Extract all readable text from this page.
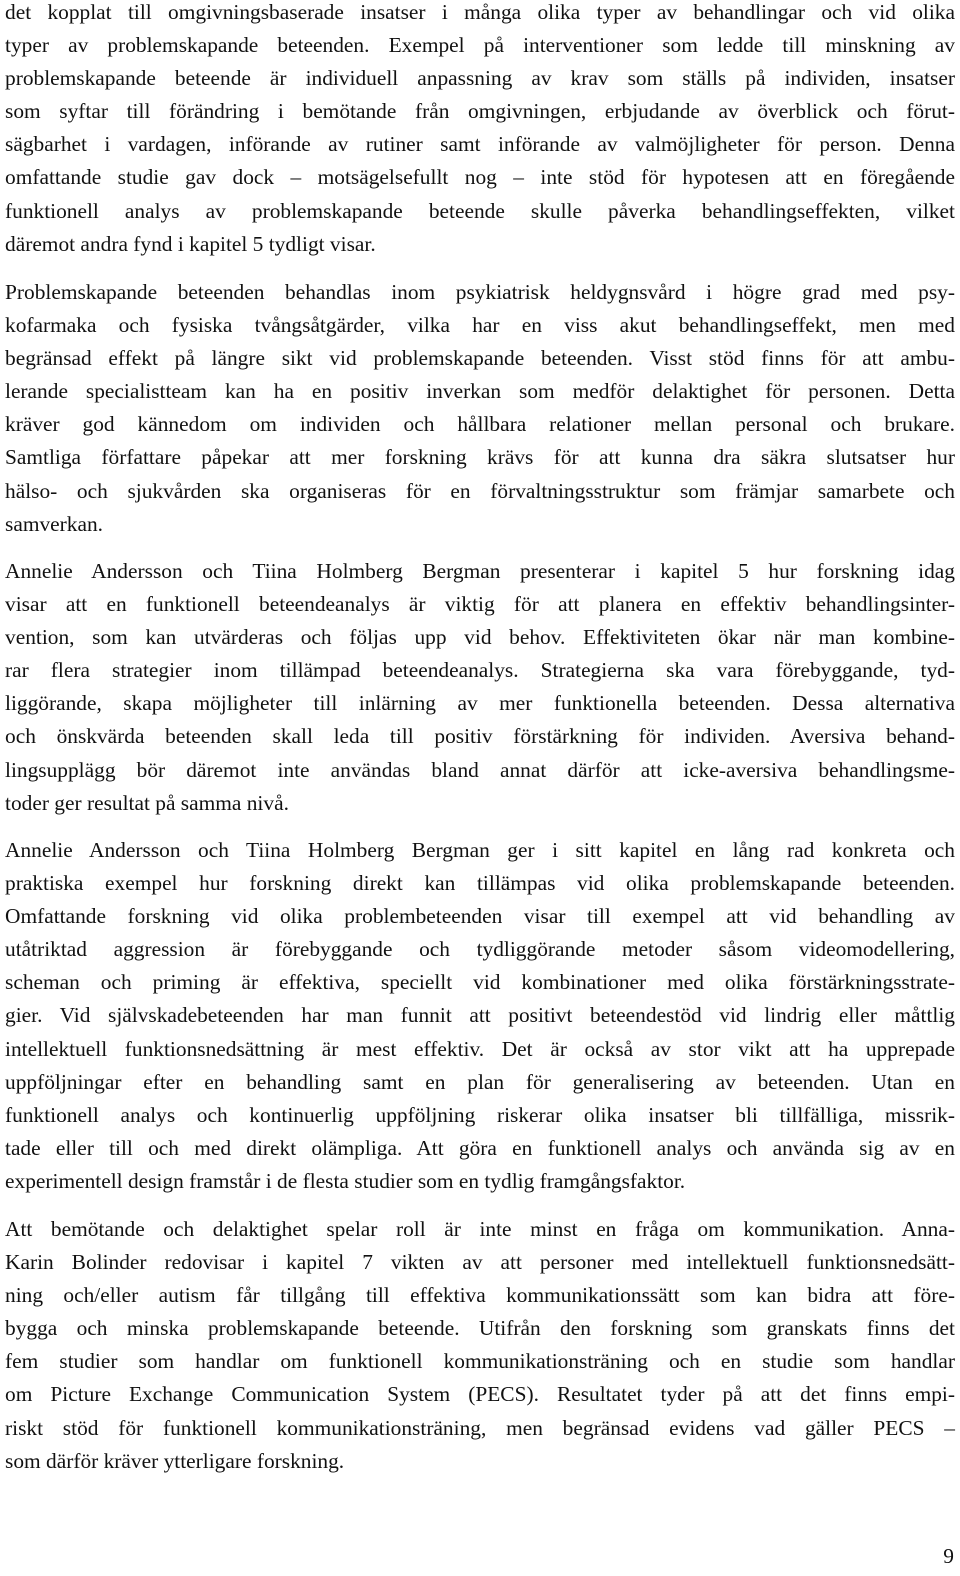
det kopplat till omgivningsbaserade insatser i många olika typer av behandlingar och vid olika
typer av problemskapande beteenden. Exempel på interventioner som ledde till minskning av
problemskapande beteende är individuell anpassning av krav som ställs på individen, insatser
som syftar till förändring i bemötande från omgivningen, erbjudande av överblick och förut-
sägbarhet i vardagen, införande av rutiner samt införande av valmöjligheter för person. Denna
omfattande studie gav dock – motsägelsefullt nog – inte stöd för hypotesen att en föregående
funktionell analys av problemskapande beteende skulle påverka behandlingseffekten, vilket
däremot andra fynd i kapitel 5 tydligt visar.
Problemskapande beteenden behandlas inom psykiatrisk heldygnsvård i högre grad med psy-
kofarmaka och fysiska tvångsåtgärder, vilka har en viss akut behandlingseffekt, men med
begränsad effekt på längre sikt vid problemskapande beteenden. Visst stöd finns för att ambu-
lerande specialistteam kan ha en positiv inverkan som medför delaktighet för personen. Detta
kräver god kännedom om individen och hållbara relationer mellan personal och brukare.
Samtliga författare påpekar att mer forskning krävs för att kunna dra säkra slutsatser hur
hälso- och sjukvården ska organiseras för en förvaltningsstruktur som främjar samarbete och
samverkan.
Annelie Andersson och Tiina Holmberg Bergman presenterar i kapitel 5 hur forskning idag
visar att en funktionell beteendeanalys är viktig för att planera en effektiv behandlingsinter-
vention, som kan utvärderas och följas upp vid behov. Effektiviteten ökar när man kombine-
rar flera strategier inom tillämpad beteendeanalys. Strategierna ska vara förebyggande, tyd-
liggörande, skapa möjligheter till inlärning av mer funktionella beteenden. Dessa alternativa
och önskvärda beteenden skall leda till positiv förstärkning för individen. Aversiva behand-
lingsupplägg bör däremot inte användas bland annat därför att icke-aversiva behandlingsme-
toder ger resultat på samma nivå.
Annelie Andersson och Tiina Holmberg Bergman ger i sitt kapitel en lång rad konkreta och
praktiska exempel hur forskning direkt kan tillämpas vid olika problemskapande beteenden.
Omfattande forskning vid olika problembeteenden visar till exempel att vid behandling av
utåtriktad aggression är förebyggande och tydliggörande metoder såsom videomodellering,
scheman och priming är effektiva, speciellt vid kombinationer med olika förstärkningsstrate-
gier. Vid självskadebeteenden har man funnit att positivt beteendestöd vid lindrig eller måttlig
intellektuell funktionsnedsättning är mest effektiv. Det är också av stor vikt att ha upprepade
uppföljningar efter en behandling samt en plan för generalisering av beteenden. Utan en
funktionell analys och kontinuerlig uppföljning riskerar olika insatser bli tillfälliga, missrik-
tade eller till och med direkt olämpliga. Att göra en funktionell analys och använda sig av en
experimentell design framstår i de flesta studier som en tydlig framgångsfaktor.
Att bemötande och delaktighet spelar roll är inte minst en fråga om kommunikation. Anna-
Karin Bolinder redovisar i kapitel 7 vikten av att personer med intellektuell funktionsnedsätt-
ning och/eller autism får tillgång till effektiva kommunikationssätt som kan bidra att före-
bygga och minska problemskapande beteende. Utifrån den forskning som granskats finns det
fem studier som handlar om funktionell kommunikationsträning och en studie som handlar
om Picture Exchange Communication System (PECS). Resultatet tyder på att det finns empi-
riskt stöd för funktionell kommunikationsträning, men begränsad evidens vad gäller PECS –
som därför kräver ytterligare forskning.
9
